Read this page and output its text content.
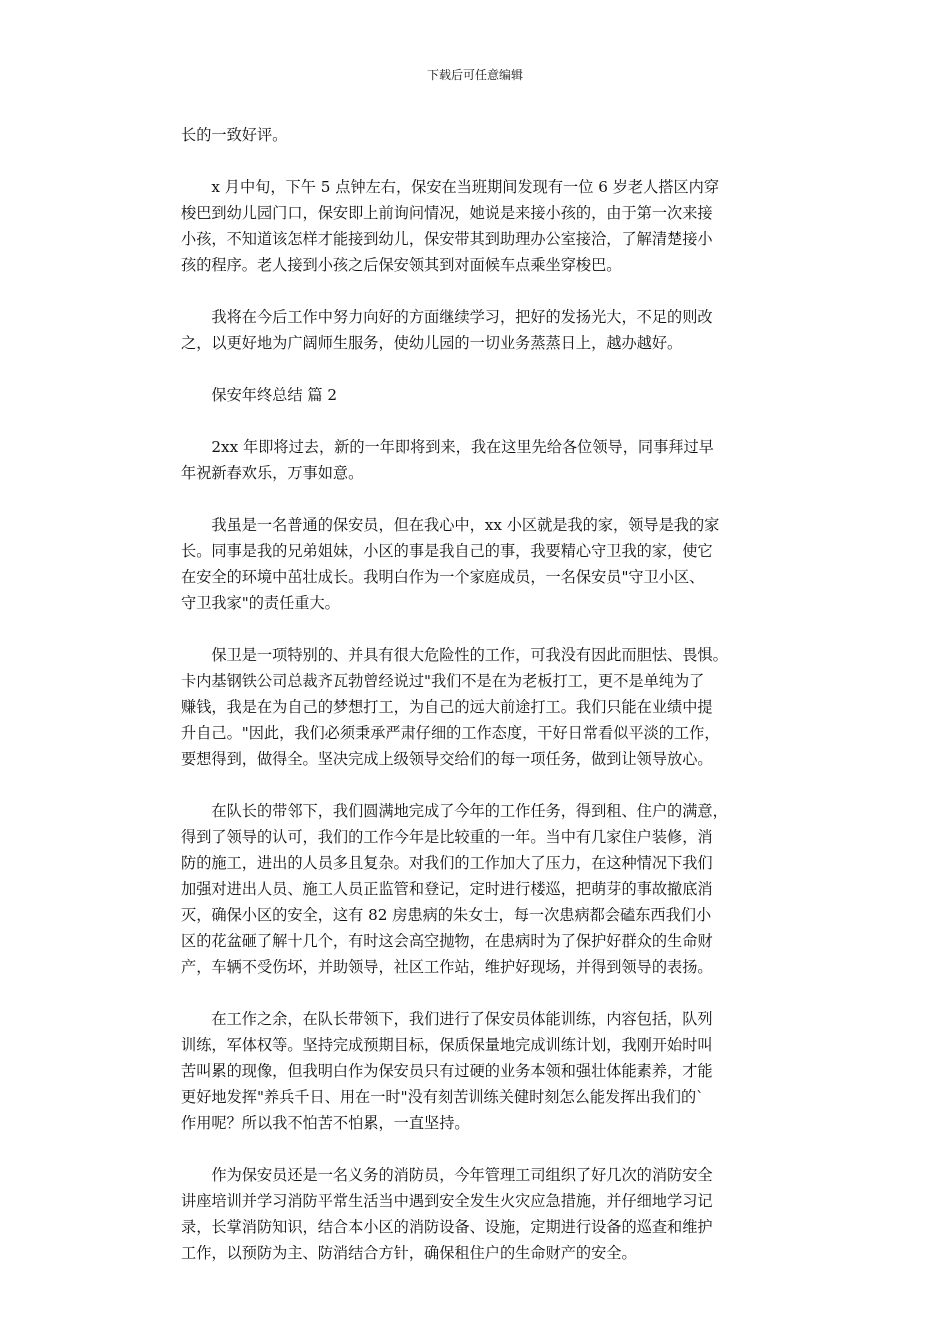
下载后可任意编辑

长的一致好评。

x 月中旬，下午 5 点钟左右，保安在当班期间发现有一位 6 岁老人搭区内穿

梭巴到幼儿园门口，保安即上前询问情况，她说是来接小孩的，由于第一次来接

小孩，不知道该怎样才能接到幼儿，保安带其到助理办公室接洽，了解清楚接小

孩的程序。老人接到小孩之后保安领其到对面候车点乘坐穿梭巴。

我将在今后工作中努力向好的方面继续学习，把好的发扬光大，不足的则改

之，以更好地为广阔师生服务，使幼儿园的一切业务蒸蒸日上，越办越好。

保安年终总结 篇 2

2xx 年即将过去，新的一年即将到来，我在这里先给各位领导，同事拜过早

年祝新春欢乐，万事如意。

我虽是一名普通的保安员，但在我心中，xx 小区就是我的家，领导是我的家

长。同事是我的兄弟姐妹，小区的事是我自己的事，我要精心守卫我的家，使它

在安全的环境中茁壮成长。我明白作为一个家庭成员，一名保安员"守卫小区、

守卫我家"的责任重大。

保卫是一项特别的、并具有很大危险性的工作，可我没有因此而胆怯、畏惧。

卡内基钢铁公司总裁齐瓦勃曾经说过"我们不是在为老板打工，更不是单纯为了

赚钱，我是在为自己的梦想打工，为自己的远大前途打工。我们只能在业绩中提

升自己。"因此，我们必须秉承严肃仔细的工作态度，干好日常看似平淡的工作，

要想得到，做得全。坚决完成上级领导交给们的每一项任务，做到让领导放心。

在队长的带邻下，我们圆满地完成了今年的工作任务，得到租、住户的满意，

得到了领导的认可，我们的工作今年是比较重的一年。当中有几家住户装修，消

防的施工，进出的人员多且复杂。对我们的工作加大了压力，在这种情况下我们

加强对进出人员、施工人员正监管和登记，定时进行楼巡，把萌芽的事故撤底消

灭，确保小区的安全，这有 82 房患病的朱女士，每一次患病都会磕东西我们小

区的花盆砸了解十几个，有时这会高空抛物，在患病时为了保护好群众的生命财

产，车辆不受伤坏，并助领导，社区工作站，维护好现场，并得到领导的表扬。

在工作之余，在队长带领下，我们进行了保安员体能训练，内容包括，队列

训练，军体权等。坚持完成预期目标，保质保量地完成训练计划，我刚开始时叫

苦叫累的现像，但我明白作为保安员只有过硬的业务本领和强壮体能素养，才能

更好地发挥"养兵千日、用在一时"没有刻苦训练关健时刻怎么能发挥出我们的`

作用呢？所以我不怕苦不怕累，一直坚持。

作为保安员还是一名义务的消防员，今年管理工司组织了好几次的消防安全

讲座培训并学习消防平常生活当中遇到安全发生火灾应急措施，并仔细地学习记

录，长掌消防知识，结合本小区的消防设备、设施，定期进行设备的巡查和维护

工作，以预防为主、防消结合方针，确保租住户的生命财产的安全。
